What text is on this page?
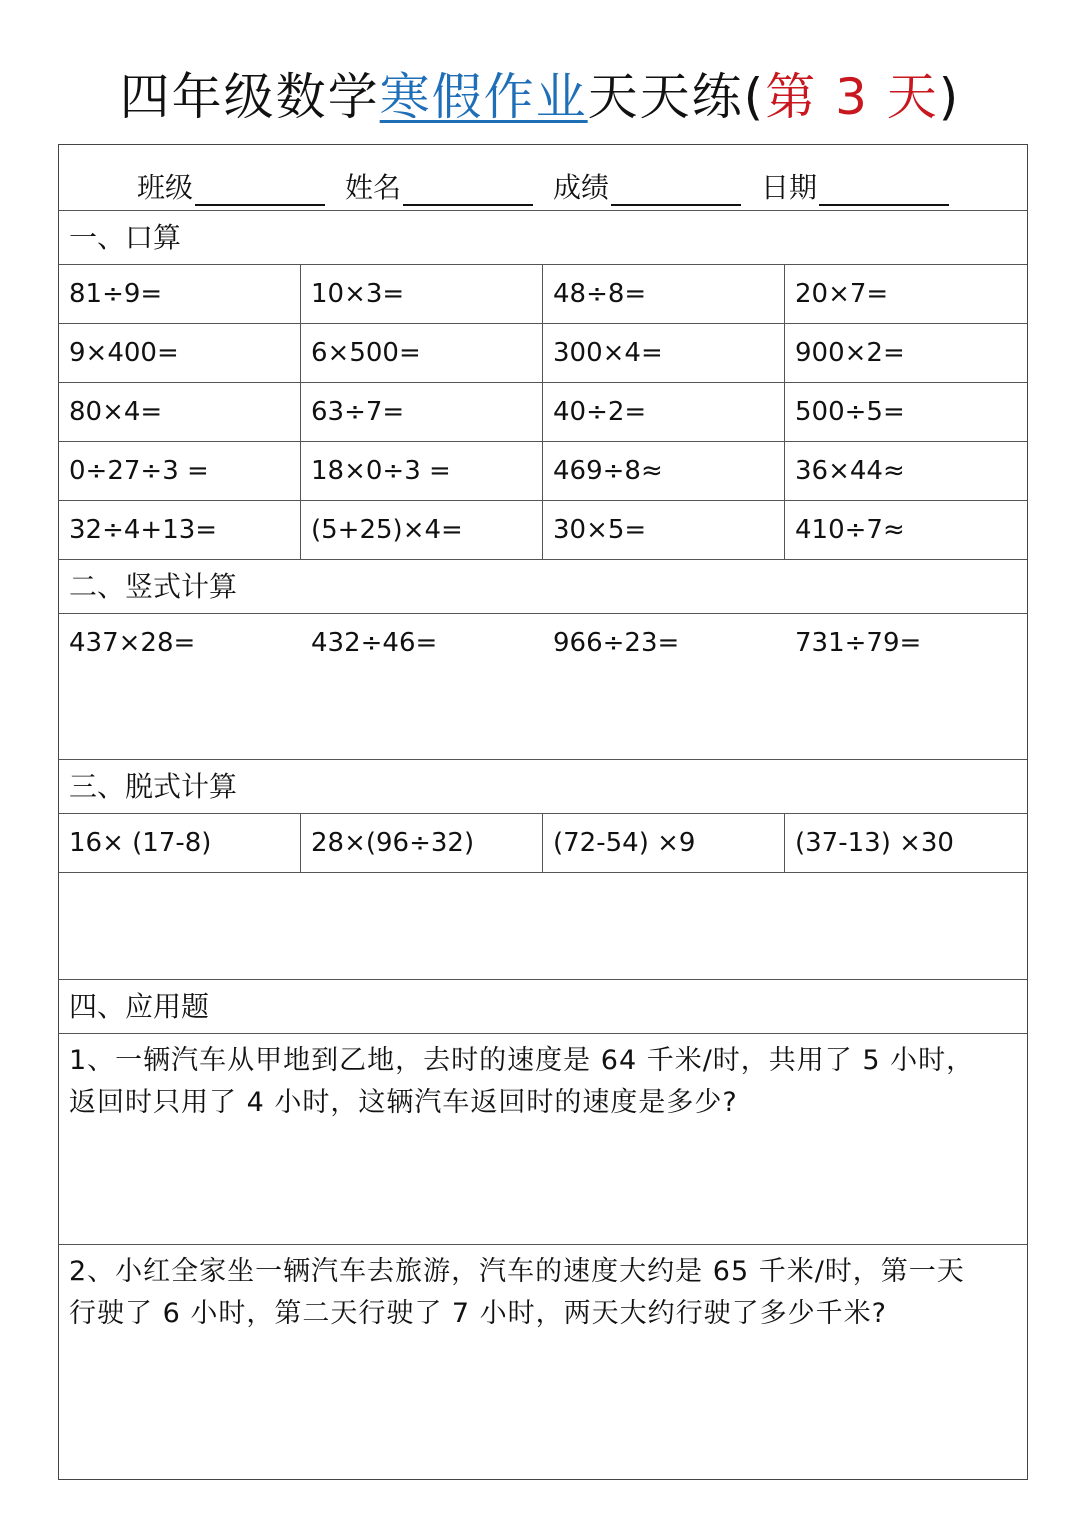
四年级数学寒假作业天天练(第 3 天)
班级	姓名	成绩	日期
一、口算
81÷9=	10×3=	48÷8=	20×7=
9×400=	6×500=	300×4=	900×2=
80×4=	63÷7=	40÷2=	500÷5=
0÷27÷3 =	18×0÷3 =	469÷8≈	36×44≈
32÷4+13=	(5+25)×4=	30×5=	410÷7≈
二、竖式计算
437×28=	432÷46=	966÷23=	731÷79=
三、脱式计算
16× (17-8)	28×(96÷32)	(72-54) ×9	(37-13) ×30
四、应用题
1、一辆汽车从甲地到乙地，去时的速度是 64 千米/时，共用了 5 小时，
返回时只用了 4 小时，这辆汽车返回时的速度是多少?
2、小红全家坐一辆汽车去旅游，汽车的速度大约是 65 千米/时，第一天
行驶了 6 小时，第二天行驶了 7 小时，两天大约行驶了多少千米?
